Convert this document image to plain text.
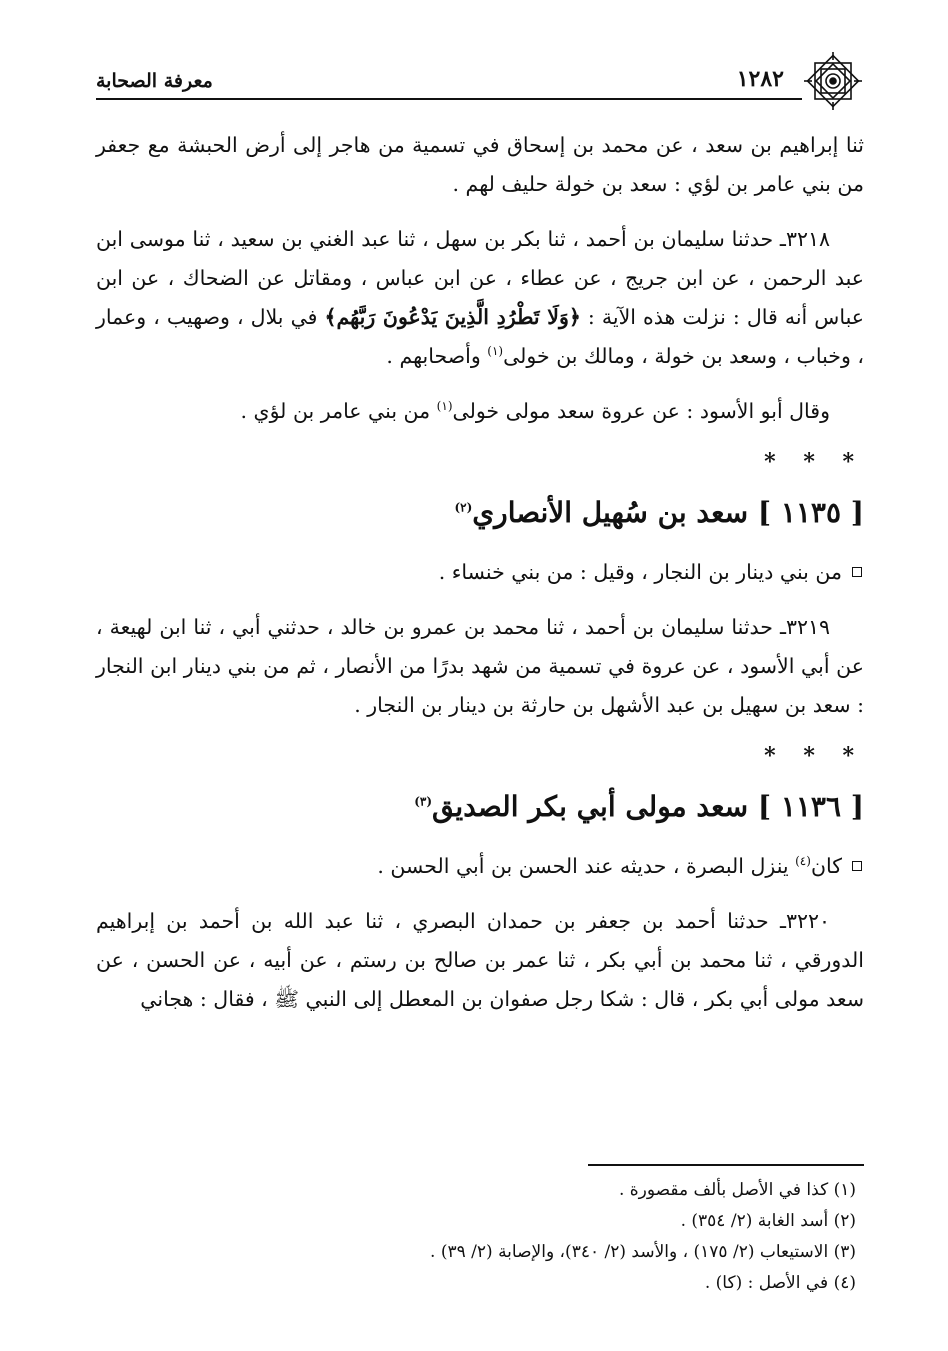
معرفة الصحابة	١٢٨٢

ثنا إبراهيم بن سعد ، عن محمد بن إسحاق في تسمية من هاجر إلى أرض الحبشة مع جعفر من بني عامر بن لؤي : سعد بن خولة حليف لهم .

٣٢١٨ـ حدثنا سليمان بن أحمد ، ثنا بكر بن سهل ، ثنا عبد الغني بن سعيد ، ثنا موسى ابن عبد الرحمن ، عن ابن جريج ، عن عطاء ، عن ابن عباس ، ومقاتل عن الضحاك ، عن ابن عباس أنه قال : نزلت هذه الآية : ﴿وَلَا تَطْرُدِ الَّذِينَ يَدْعُونَ رَبَّهُم﴾ في بلال ، وصهيب ، وعمار ، وخباب ، وسعد بن خولة ، ومالك بن خولى$^{(١)}$ وأصحابهم .

وقال أبو الأسود : عن عروة سعد مولى خولى$^{(١)}$ من بني عامر بن لؤي .

* * *
[ ١١٣٥ ] سعد بن سُهيل الأنصاري$^{(٢)}$

من بني دينار بن النجار ، وقيل : من بني خنساء .

٣٢١٩ـ حدثنا سليمان بن أحمد ، ثنا محمد بن عمرو بن خالد ، حدثني أبي ، ثنا ابن لهيعة ، عن أبي الأسود ، عن عروة في تسمية من شهد بدرًا من الأنصار ، ثم من بني دينار ابن النجار : سعد بن سهيل بن عبد الأشهل بن حارثة بن دينار بن النجار .

* * *
[ ١١٣٦ ] سعد مولى أبي بكر الصديق$^{(٣)}$

كان$^{(٤)}$ ينزل البصرة ، حديثه عند الحسن بن أبي الحسن .

٣٢٢٠ـ حدثنا أحمد بن جعفر بن حمدان البصري ، ثنا عبد الله بن أحمد بن إبراهيم الدورقي ، ثنا محمد بن أبي بكر ، ثنا عمر بن صالح بن رستم ، عن أبيه ، عن الحسن ، عن سعد مولى أبي بكر ، قال : شكا رجل صفوان بن المعطل إلى النبي ﷺ ، فقال : هجاني

(١) كذا في الأصل بألف مقصورة .
(٢) أسد الغابة (٢/ ٣٥٤) .
(٣) الاستيعاب (٢/ ١٧٥) ، والأسد (٢/ ٣٤٠)، والإصابة (٢/ ٣٩) .
(٤) في الأصل : (كا) .
